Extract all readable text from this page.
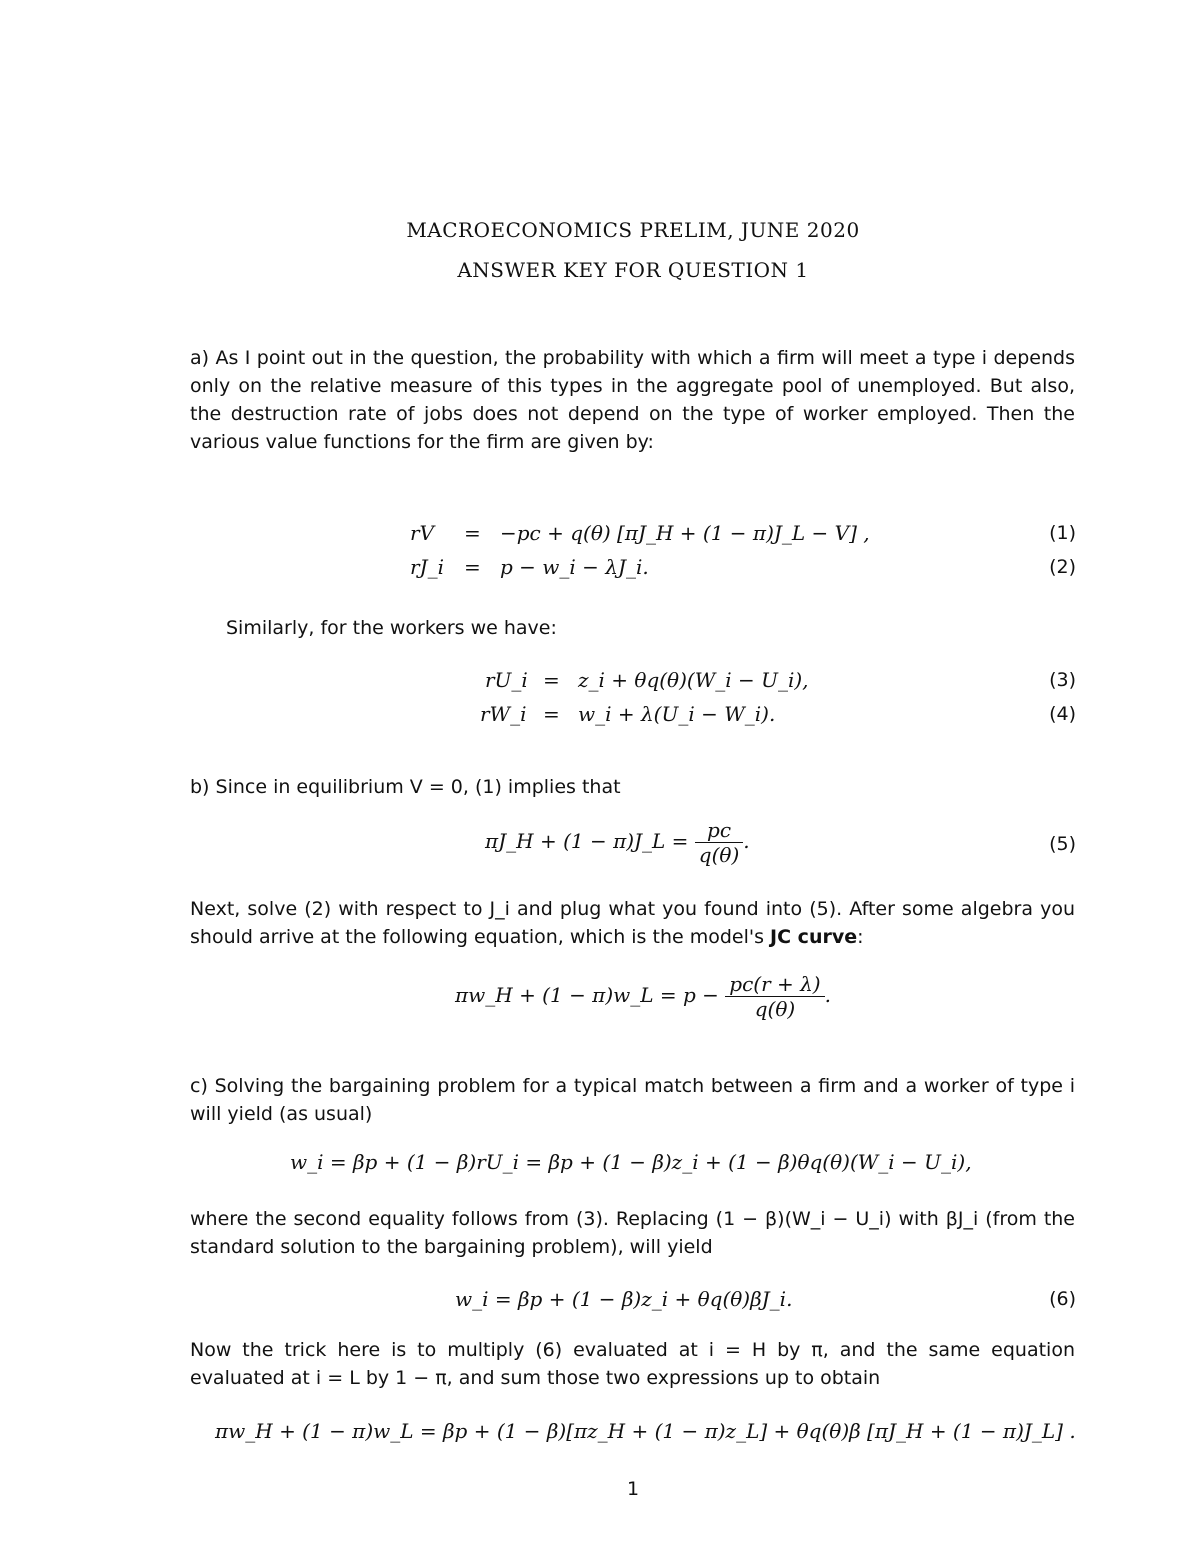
MACROECONOMICS PRELIM, JUNE 2020
ANSWER KEY FOR QUESTION 1
a) As I point out in the question, the probability with which a firm will meet a type i depends only on the relative measure of this types in the aggregate pool of unemployed. But also, the destruction rate of jobs does not depend on the type of worker employed. Then the various value functions for the firm are given by:
rV = −pc + q(θ) [πJ_H + (1 − π)J_L − V] ,	(1)
rJ_i = p − w_i − λJ_i.	(2)
Similarly, for the workers we have:
rU_i = z_i + θq(θ)(W_i − U_i),	(3)
rW_i = w_i + λ(U_i − W_i).	(4)
b) Since in equilibrium V = 0, (1) implies that
πJ_H + (1 − π)J_L = $\frac{pc}{q(\theta)}$ .	(5)
Next, solve (2) with respect to J_i and plug what you found into (5). After some algebra you should arrive at the following equation, which is the model's JC curve:
πw_H + (1 − π)w_L = $p - \frac{pc(r + \lambda)}{q(\theta)}$ .
c) Solving the bargaining problem for a typical match between a firm and a worker of type i will yield (as usual)
w_i = βp + (1 − β)rU_i = βp + (1 − β)z_i + (1 − β)θq(θ)(W_i − U_i),
where the second equality follows from (3). Replacing (1 − β)(W_i − U_i) with βJ_i (from the standard solution to the bargaining problem), will yield
w_i = βp + (1 − β)z_i + θq(θ)βJ_i.	(6)
Now the trick here is to multiply (6) evaluated at i = H by π, and the same equation evaluated at i = L by 1 − π, and sum those two expressions up to obtain
πw_H + (1 − π)w_L = βp + (1 − β)[πz_H + (1 − π)z_L] + θq(θ)β [πJ_H + (1 − π)J_L] .
1
